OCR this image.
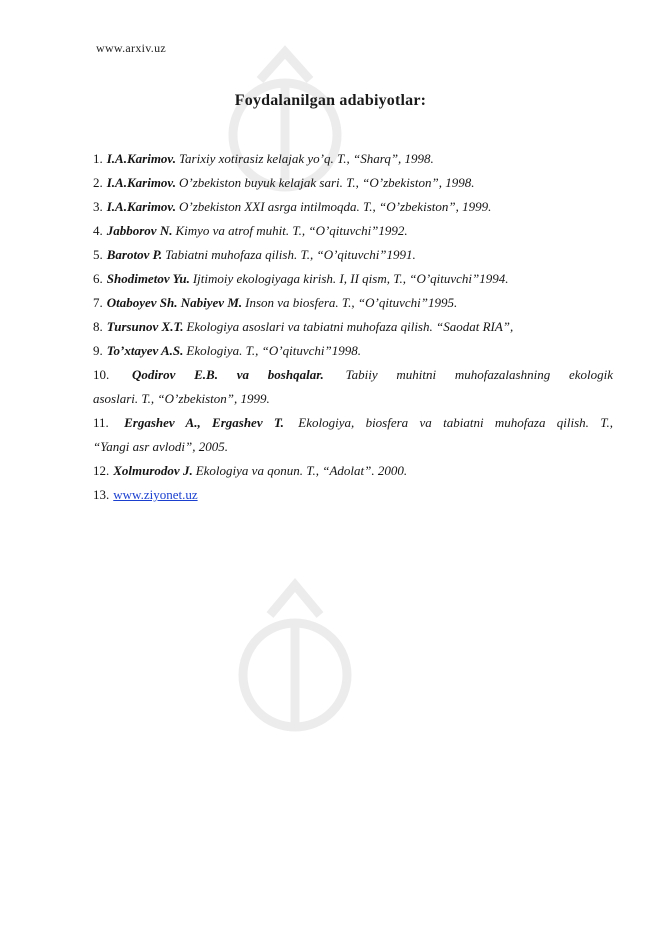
www.arxiv.uz
Foydalanilgan adabiyotlar:
1. I.A.Karimov. Tarixiy xotirasiz kelajak yo’q. T., “Sharq”, 1998.
2. I.A.Karimov. O’zbekiston buyuk kelajak sari. T., “O’zbekiston”, 1998.
3. I.A.Karimov. O’zbekiston XXI asrga intilmoqda. T., “O’zbekiston”, 1999.
4. Jabborov N. Kimyo va atrof muhit. T., “O’qituvchi”1992.
5. Barotov P. Tabiatni muhofaza qilish. T., “O’qituvchi”1991.
6. Shodimetov Yu. Ijtimoiy ekologiyaga kirish. I, II qism, T., “O’qituvchi”1994.
7. Otaboyev Sh. Nabiyev M. Inson va biosfera. T., “O’qituvchi”1995.
8. Tursunov X.T. Ekologiya asoslari va tabiatni muhofaza qilish. “Saodat RIA”,
9. To’xtayev A.S. Ekologiya. T., “O’qituvchi”1998.
10. Qodirov E.B. va boshqalar. Tabiiy muhitni muhofazalashning ekologik
asoslari. T., “O’zbekiston”, 1999.
11. Ergashev A., Ergashev T. Ekologiya, biosfera va tabiatni muhofaza qilish. T.,
“Yangi asr avlodi”, 2005.
12. Xolmurodov J. Ekologiya va qonun. T., “Adolat”. 2000.
13. www.ziyonet.uz
